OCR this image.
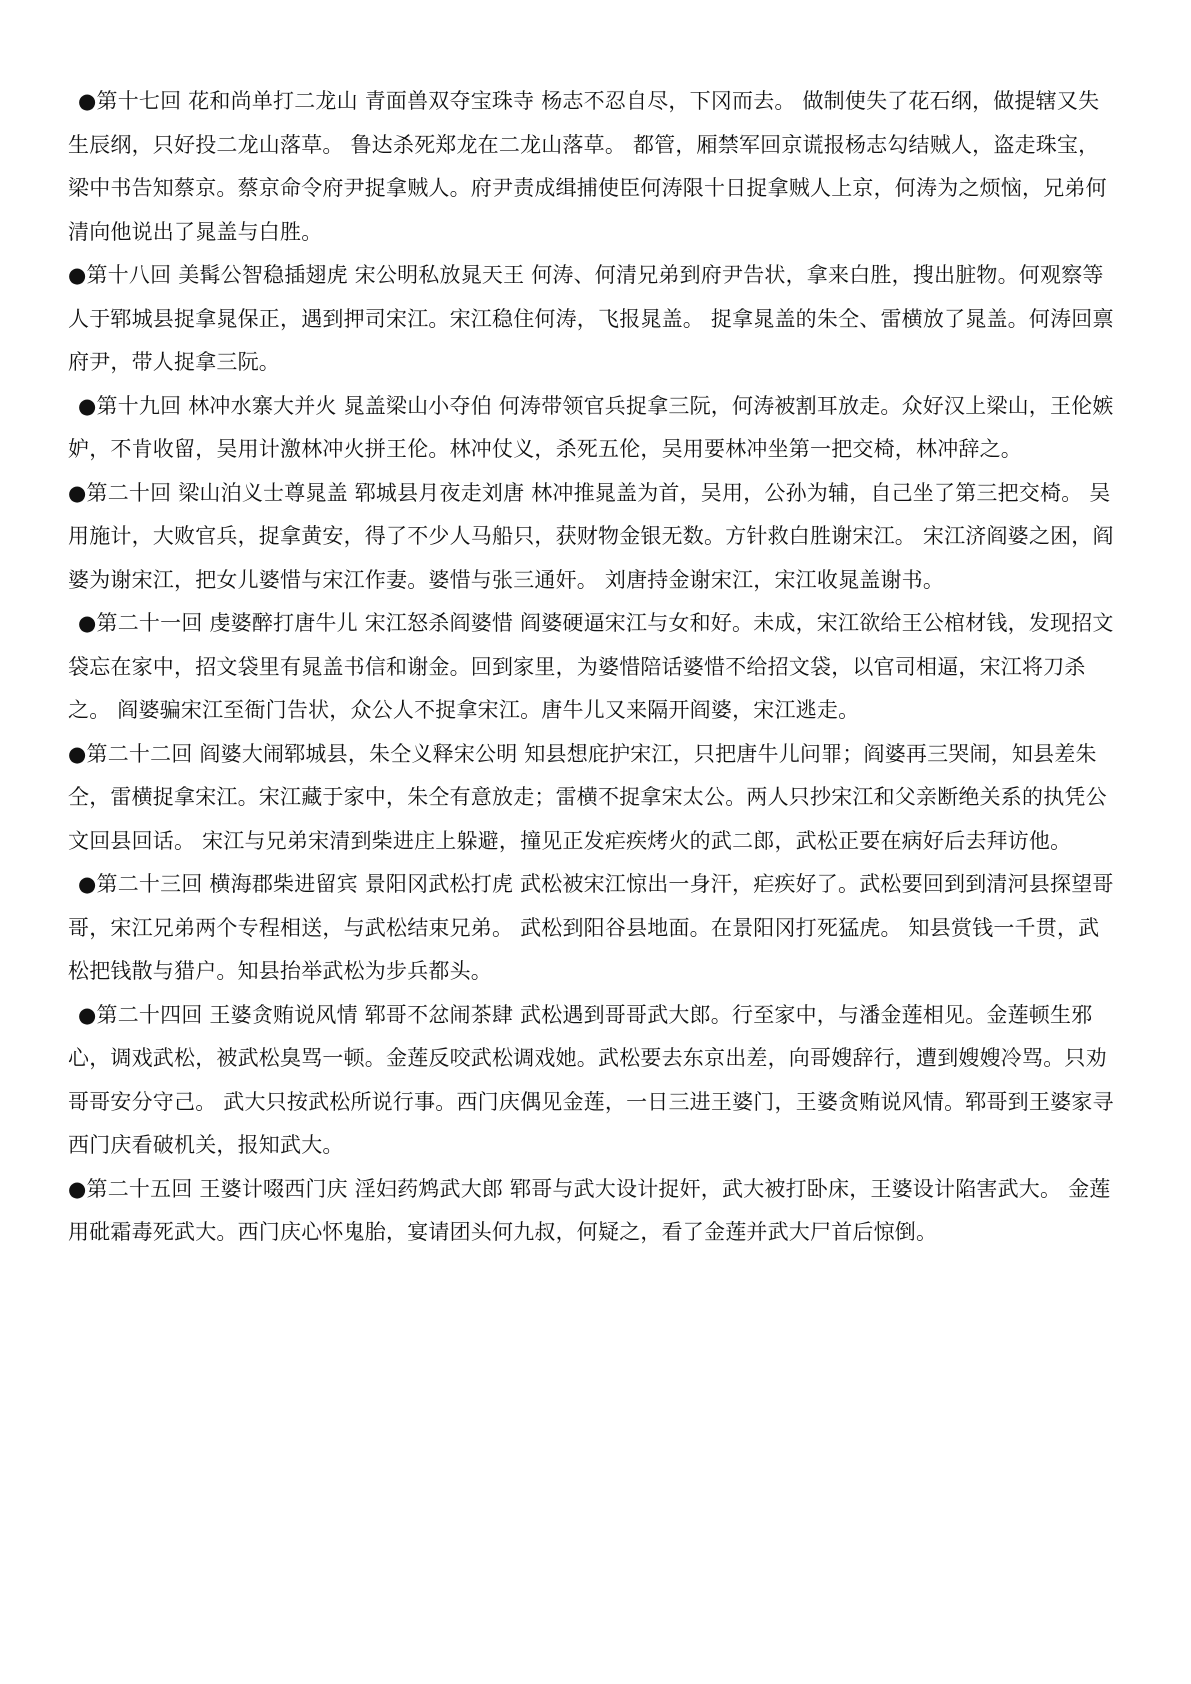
●第十七回 花和尚单打二龙山 青面兽双夺宝珠寺 杨志不忍自尽，下冈而去。 做制使失了花石纲，做提辖又失生辰纲，只好投二龙山落草。 鲁达杀死郑龙在二龙山落草。 都管，厢禁军回京谎报杨志勾结贼人，盗走珠宝，梁中书告知蔡京。蔡京命令府尹捉拿贼人。府尹责成缉捕使臣何涛限十日捉拿贼人上京，何涛为之烦恼，兄弟何清向他说出了晁盖与白胜。

●第十八回 美髯公智稳插翅虎 宋公明私放晁天王 何涛、何清兄弟到府尹告状，拿来白胜，搜出脏物。何观察等人于郓城县捉拿晁保正，遇到押司宋江。宋江稳住何涛，飞报晁盖。 捉拿晁盖的朱仝、雷横放了晁盖。何涛回禀府尹，带人捉拿三阮。

●第十九回 林冲水寨大并火 晁盖梁山小夺伯 何涛带领官兵捉拿三阮，何涛被割耳放走。众好汉上梁山，王伦嫉妒，不肯收留，吴用计激林冲火拼王伦。林冲仗义，杀死五伦，吴用要林冲坐第一把交椅，林冲辞之。

●第二十回 梁山泊义士尊晁盖 郓城县月夜走刘唐 林冲推晁盖为首，吴用，公孙为辅，自己坐了第三把交椅。 吴用施计，大败官兵，捉拿黄安，得了不少人马船只，获财物金银无数。方针救白胜谢宋江。 宋江济阎婆之困，阎婆为谢宋江，把女儿婆惜与宋江作妻。婆惜与张三通奸。 刘唐持金谢宋江，宋江收晁盖谢书。

●第二十一回 虔婆醉打唐牛儿 宋江怒杀阎婆惜 阎婆硬逼宋江与女和好。未成，宋江欲给王公棺材钱，发现招文袋忘在家中，招文袋里有晁盖书信和谢金。回到家里，为婆惜陪话婆惜不给招文袋，以官司相逼，宋江将刀杀之。 阎婆骗宋江至衙门告状，众公人不捉拿宋江。唐牛儿又来隔开阎婆，宋江逃走。

●第二十二回 阎婆大闹郓城县，朱仝义释宋公明 知县想庇护宋江，只把唐牛儿问罪；阎婆再三哭闹，知县差朱仝，雷横捉拿宋江。宋江藏于家中，朱仝有意放走；雷横不捉拿宋太公。两人只抄宋江和父亲断绝关系的执凭公文回县回话。 宋江与兄弟宋清到柴进庄上躲避，撞见正发疟疾烤火的武二郎，武松正要在病好后去拜访他。

●第二十三回 横海郡柴进留宾 景阳冈武松打虎 武松被宋江惊出一身汗，疟疾好了。武松要回到到清河县探望哥哥，宋江兄弟两个专程相送，与武松结束兄弟。 武松到阳谷县地面。在景阳冈打死猛虎。 知县赏钱一千贯，武松把钱散与猎户。知县抬举武松为步兵都头。

●第二十四回 王婆贪贿说风情 郓哥不忿闹茶肆 武松遇到哥哥武大郎。行至家中，与潘金莲相见。金莲顿生邪心，调戏武松，被武松臭骂一顿。金莲反咬武松调戏她。武松要去东京出差，向哥嫂辞行，遭到嫂嫂冷骂。只劝哥哥安分守己。 武大只按武松所说行事。西门庆偶见金莲，一日三进王婆门，王婆贪贿说风情。郓哥到王婆家寻西门庆看破机关，报知武大。

●第二十五回 王婆计啜西门庆 淫妇药鸩武大郎 郓哥与武大设计捉奸，武大被打卧床，王婆设计陷害武大。 金莲用砒霜毒死武大。西门庆心怀鬼胎，宴请团头何九叔，何疑之，看了金莲并武大尸首后惊倒。
